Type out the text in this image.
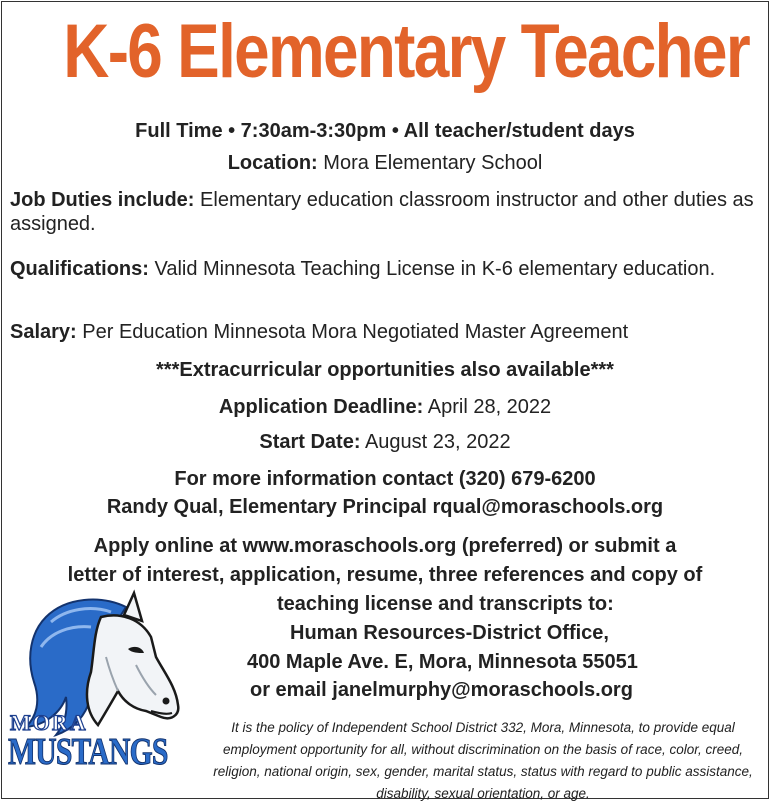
K-6 Elementary Teacher
Full Time • 7:30am-3:30pm • All teacher/student days
Location: Mora Elementary School
Job Duties include: Elementary education classroom instructor and other duties as assigned.
Qualifications: Valid Minnesota Teaching License in K-6 elementary education.
Salary: Per Education Minnesota Mora Negotiated Master Agreement
***Extracurricular opportunities also available***
Application Deadline: April 28, 2022
Start Date: August 23, 2022
For more information contact (320) 679-6200
Randy Qual, Elementary Principal rqual@moraschools.org
Apply online at www.moraschools.org (preferred) or submit a
letter of interest, application, resume, three references and copy of
teaching license and transcripts to:
Human Resources-District Office,
400 Maple Ave. E, Mora, Minnesota 55051
or email janelmurphy@moraschools.org
MORA
MUSTANGS
It is the policy of Independent School District 332, Mora, Minnesota, to provide equal employment opportunity for all, without discrimination on the basis of race, color, creed, religion, national origin, sex, gender, marital status, status with regard to public assistance, disability, sexual orientation, or age.
